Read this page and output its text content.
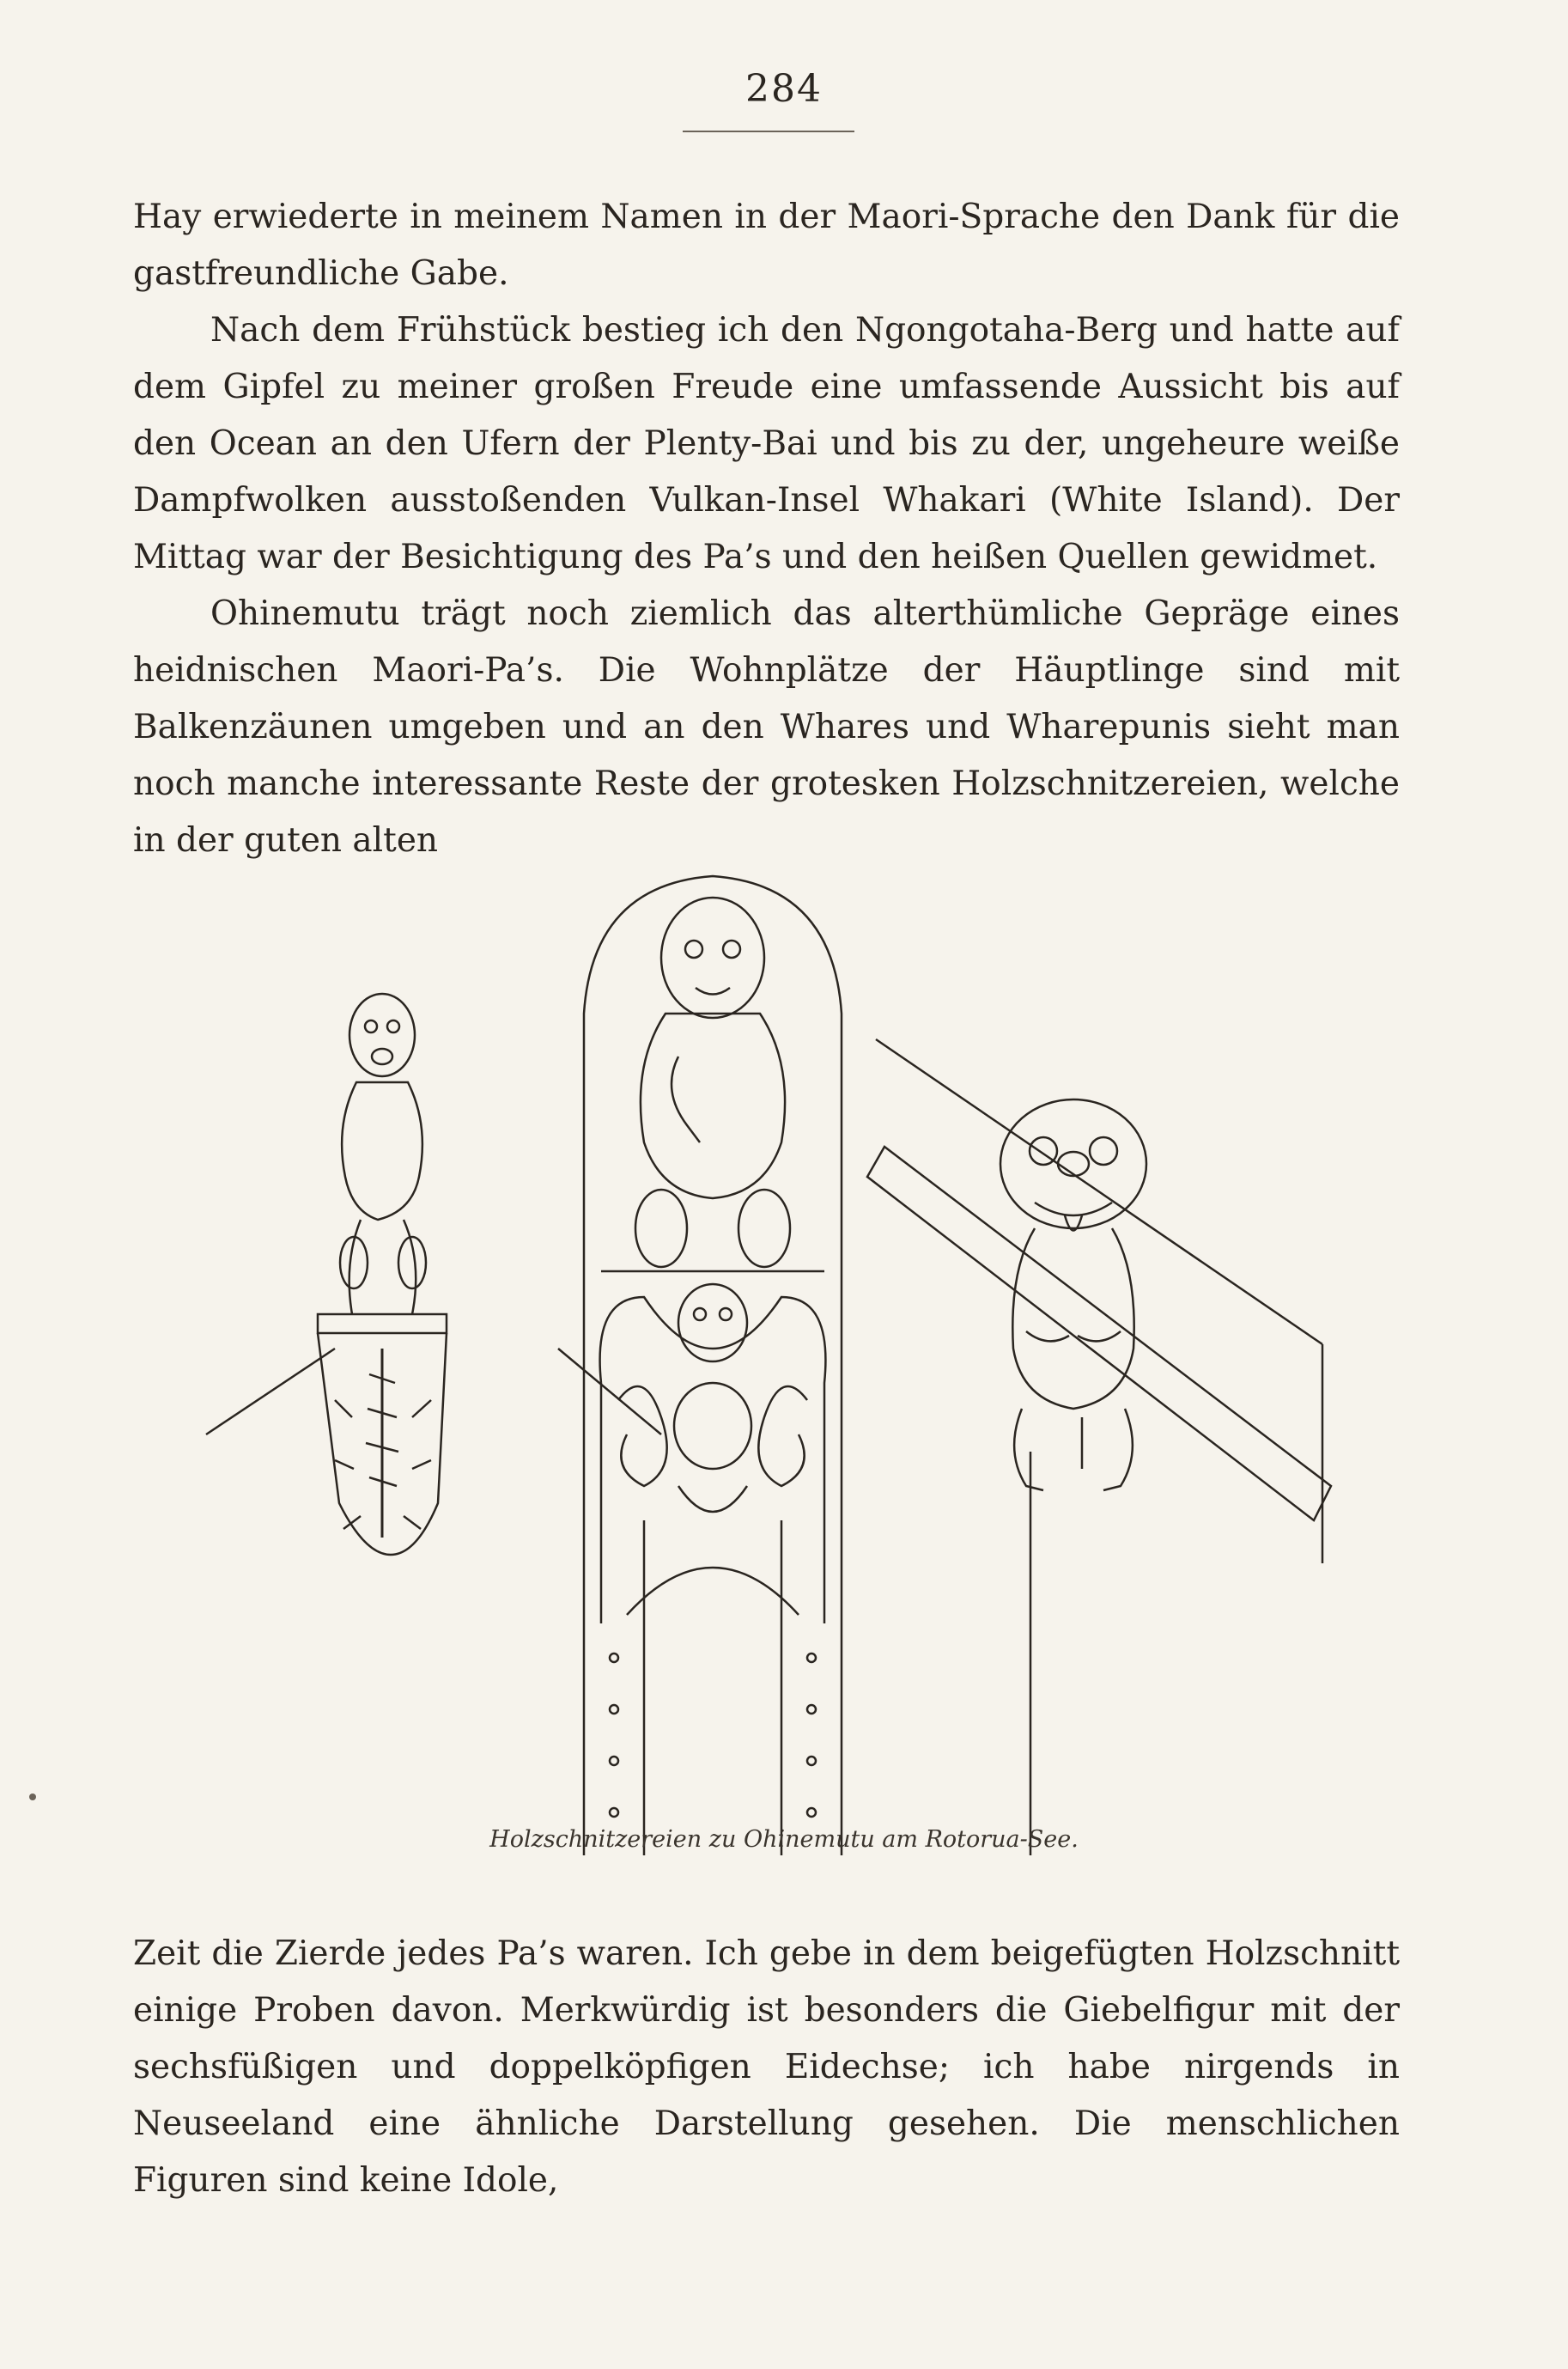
284

Hay erwiederte in meinem Namen in der Maori-Sprache den Dank für die gastfreundliche Gabe.

Nach dem Frühstück bestieg ich den Ngongotaha-Berg und hatte auf dem Gipfel zu meiner großen Freude eine umfassende Aussicht bis auf den Ocean an den Ufern der Plenty-Bai und bis zu der, ungeheure weiße Dampfwolken ausstoßenden Vulkan-Insel Whakari (White Island). Der Mittag war der Besichtigung des Pa’s und den heißen Quellen gewidmet.

Ohinemutu trägt noch ziemlich das alterthümliche Gepräge eines heidnischen Maori-Pa’s. Die Wohnplätze der Häuptlinge sind mit Balkenzäunen umgeben und an den Whares und Wharepunis sieht man noch manche interessante Reste der grotesken Holzschnitzereien, welche in der guten alten

Holzschnitzereien zu Ohinemutu am Rotorua-See.

Zeit die Zierde jedes Pa’s waren. Ich gebe in dem beigefügten Holzschnitt einige Proben davon. Merkwürdig ist besonders die Giebelfigur mit der sechsfüßigen und doppelköpfigen Eidechse; ich habe nirgends in Neuseeland eine ähnliche Darstellung gesehen. Die menschlichen Figuren sind keine Idole,
